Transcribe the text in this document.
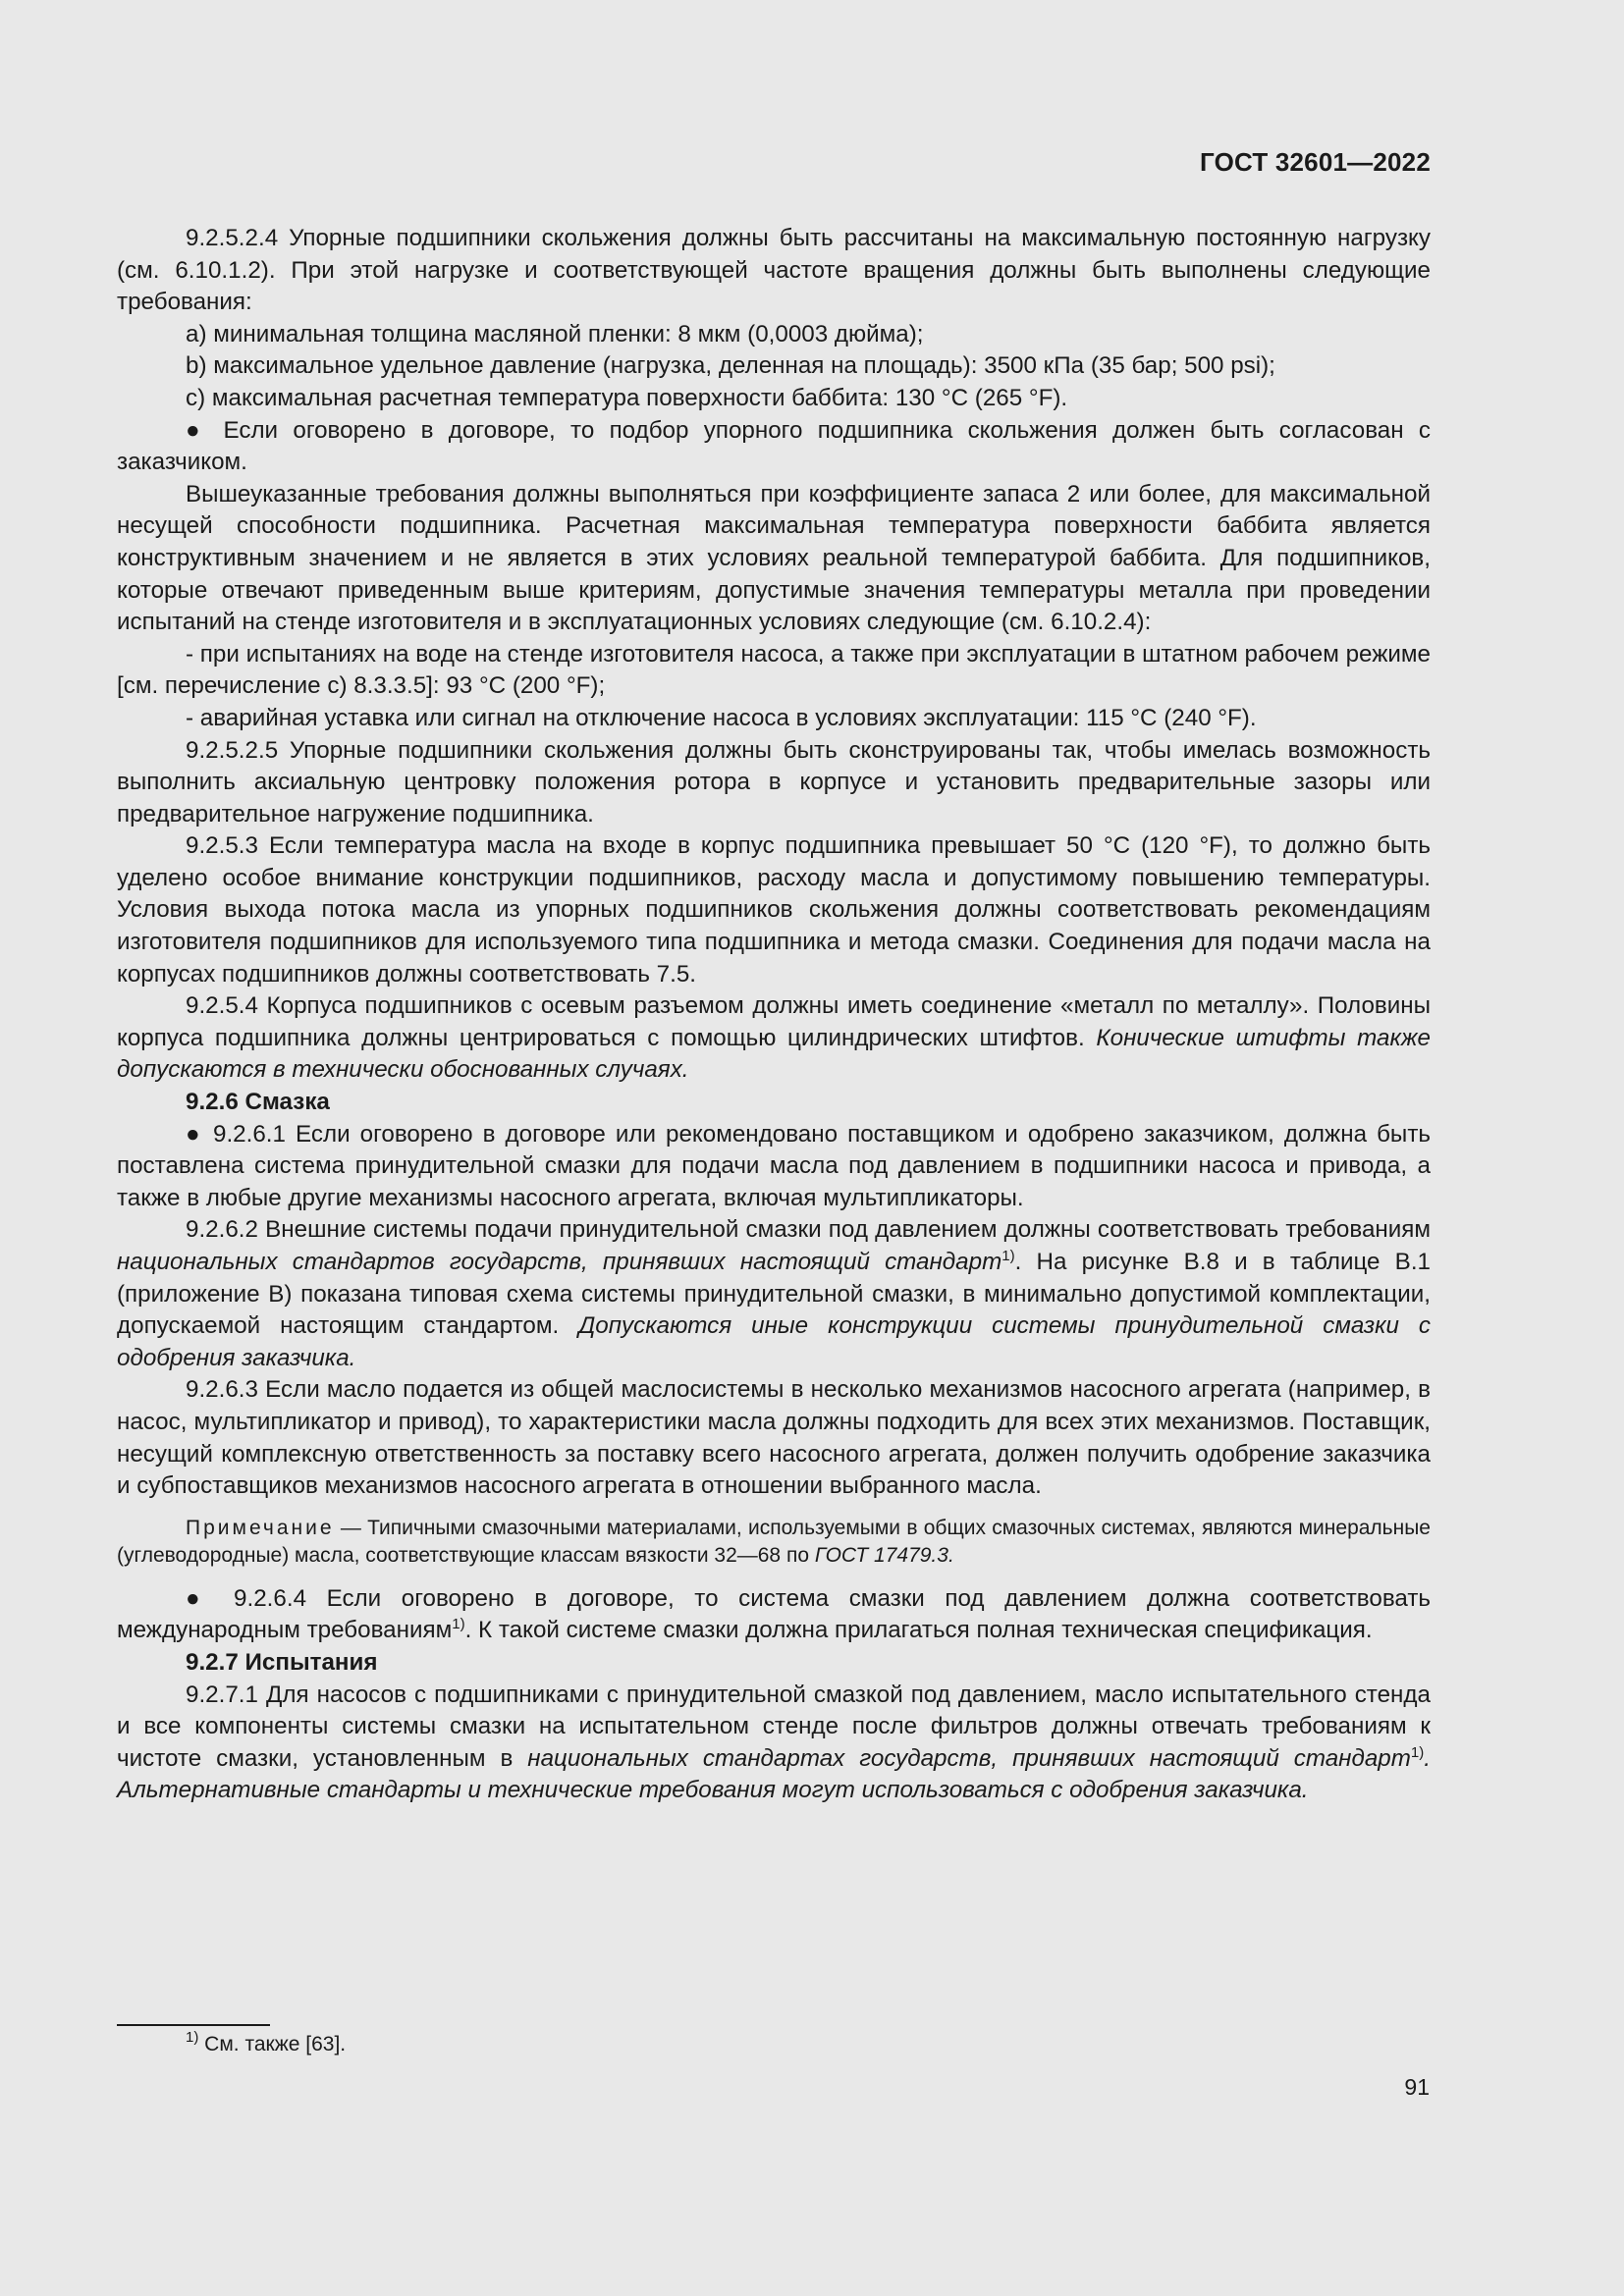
ГОСТ 32601—2022

9.2.5.2.4 Упорные подшипники скольжения должны быть рассчитаны на максимальную постоянную нагрузку (см. 6.10.1.2). При этой нагрузке и соответствующей частоте вращения должны быть выполнены следующие требования:

a) минимальная толщина масляной пленки: 8 мкм (0,0003 дюйма);

b) максимальное удельное давление (нагрузка, деленная на площадь): 3500 кПа (35 бар; 500 psi);

c) максимальная расчетная температура поверхности баббита: 130 °C (265 °F).

● Если оговорено в договоре, то подбор упорного подшипника скольжения должен быть согласован с заказчиком.

Вышеуказанные требования должны выполняться при коэффициенте запаса 2 или более, для максимальной несущей способности подшипника. Расчетная максимальная температура поверхности баббита является конструктивным значением и не является в этих условиях реальной температурой баббита. Для подшипников, которые отвечают приведенным выше критериям, допустимые значения температуры металла при проведении испытаний на стенде изготовителя и в эксплуатационных условиях следующие (см. 6.10.2.4):

- при испытаниях на воде на стенде изготовителя насоса, а также при эксплуатации в штатном рабочем режиме [см. перечисление c) 8.3.3.5]: 93 °C (200 °F);

- аварийная уставка или сигнал на отключение насоса в условиях эксплуатации: 115 °C (240 °F).

9.2.5.2.5 Упорные подшипники скольжения должны быть сконструированы так, чтобы имелась возможность выполнить аксиальную центровку положения ротора в корпусе и установить предварительные зазоры или предварительное нагружение подшипника.

9.2.5.3 Если температура масла на входе в корпус подшипника превышает 50 °C (120 °F), то должно быть уделено особое внимание конструкции подшипников, расходу масла и допустимому повышению температуры. Условия выхода потока масла из упорных подшипников скольжения должны соответствовать рекомендациям изготовителя подшипников для используемого типа подшипника и метода смазки. Соединения для подачи масла на корпусах подшипников должны соответствовать 7.5.

9.2.5.4 Корпуса подшипников с осевым разъемом должны иметь соединение «металл по металлу». Половины корпуса подшипника должны центрироваться с помощью цилиндрических штифтов. Конические штифты также допускаются в технически обоснованных случаях.

9.2.6 Смазка

● 9.2.6.1 Если оговорено в договоре или рекомендовано поставщиком и одобрено заказчиком, должна быть поставлена система принудительной смазки для подачи масла под давлением в подшипники насоса и привода, а также в любые другие механизмы насосного агрегата, включая мультипликаторы.

9.2.6.2 Внешние системы подачи принудительной смазки под давлением должны соответствовать требованиям национальных стандартов государств, принявших настоящий стандарт$^{1)}$. На рисунке В.8 и в таблице В.1 (приложение В) показана типовая схема системы принудительной смазки, в минимально допустимой комплектации, допускаемой настоящим стандартом. Допускаются иные конструкции системы принудительной смазки с одобрения заказчика.

9.2.6.3 Если масло подается из общей маслосистемы в несколько механизмов насосного агрегата (например, в насос, мультипликатор и привод), то характеристики масла должны подходить для всех этих механизмов. Поставщик, несущий комплексную ответственность за поставку всего насосного агрегата, должен получить одобрение заказчика и субпоставщиков механизмов насосного агрегата в отношении выбранного масла.

Примечание — Типичными смазочными материалами, используемыми в общих смазочных системах, являются минеральные (углеводородные) масла, соответствующие классам вязкости 32—68 по ГОСТ 17479.3.

● 9.2.6.4 Если оговорено в договоре, то система смазки под давлением должна соответствовать международным требованиям$^{1)}$. К такой системе смазки должна прилагаться полная техническая спецификация.

9.2.7 Испытания

9.2.7.1 Для насосов с подшипниками с принудительной смазкой под давлением, масло испытательного стенда и все компоненты системы смазки на испытательном стенде после фильтров должны отвечать требованиям к чистоте смазки, установленным в национальных стандартах государств, принявших настоящий стандарт$^{1)}$. Альтернативные стандарты и технические требования могут использоваться с одобрения заказчика.

$^{1)}$ См. также [63].
91
